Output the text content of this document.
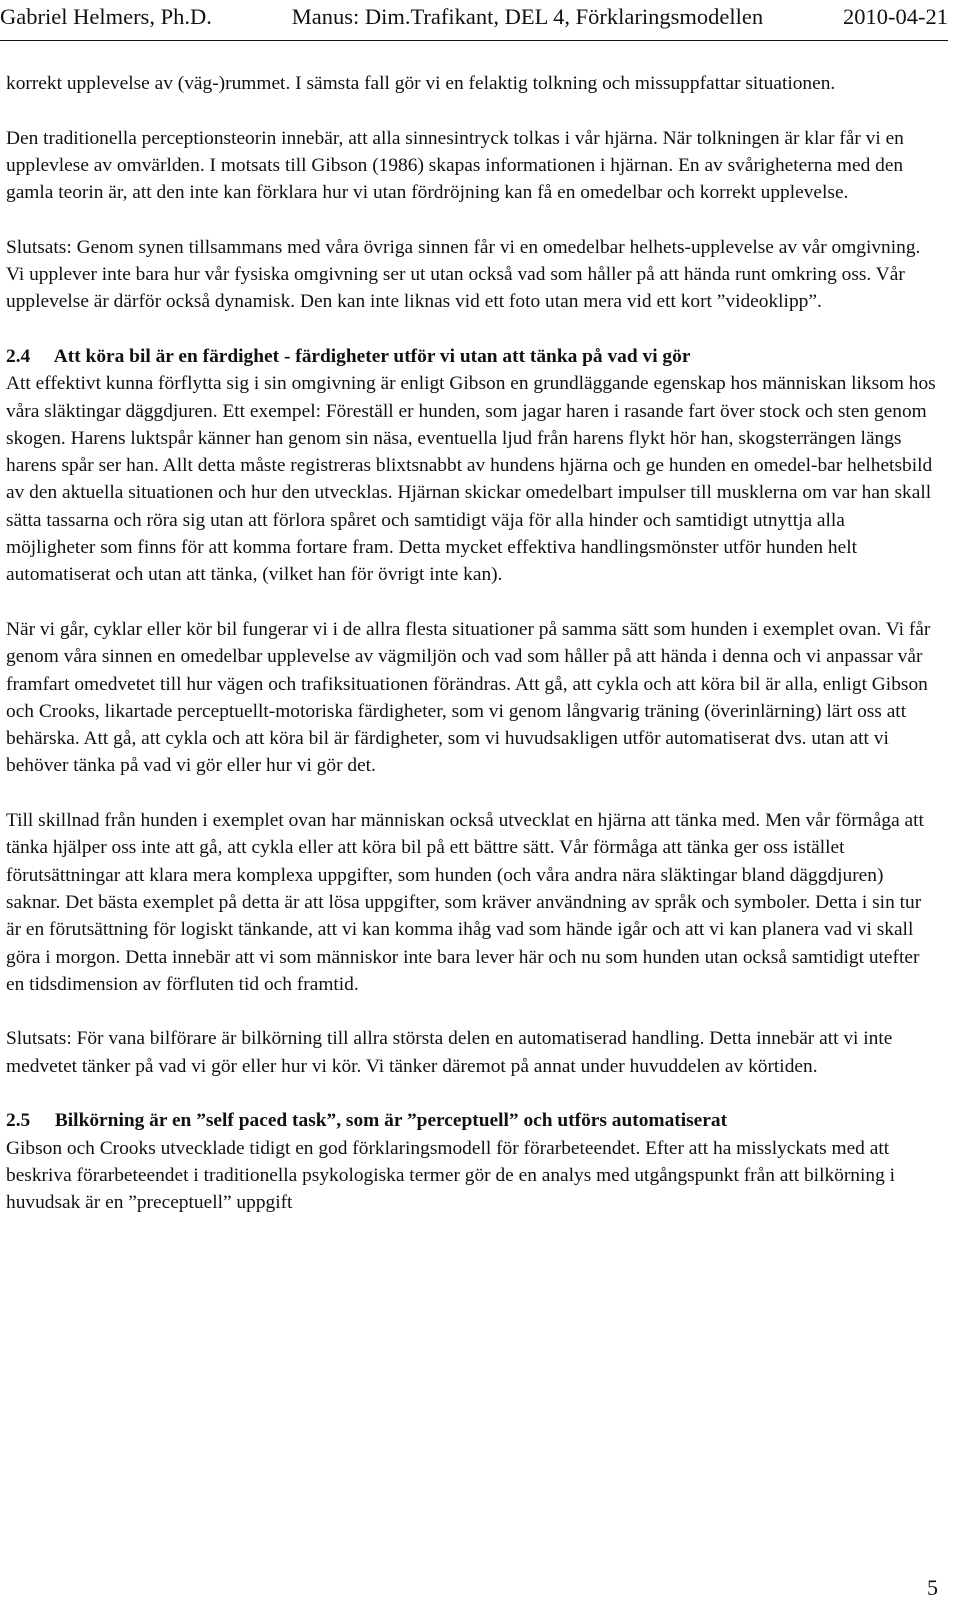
Gabriel Helmers, Ph.D.	Manus: Dim.Trafikant, DEL 4, Förklaringsmodellen	2010-04-21

korrekt upplevelse av (väg-)rummet. I sämsta fall gör vi en felaktig tolkning och missuppfattar situationen.

Den traditionella perceptionsteorin innebär, att alla sinnesintryck tolkas i vår hjärna. När tolkningen är klar får vi en upplevlese av omvärlden. I motsats till Gibson (1986) skapas informationen i hjärnan. En av svårigheterna med den gamla teorin är, att den inte kan förklara hur vi utan fördröjning kan få en omedelbar och korrekt upplevelse.

Slutsats: Genom synen tillsammans med våra övriga sinnen får vi en omedelbar helhets-upplevelse av vår omgivning. Vi upplever inte bara hur vår fysiska omgivning ser ut utan också vad som håller på att hända runt omkring oss. Vår upplevelse är därför också dynamisk. Den kan inte liknas vid ett foto utan mera vid ett kort ”videoklipp”.

2.4 Att köra bil är en färdighet - färdigheter utför vi utan att tänka på vad vi gör

Att effektivt kunna förflytta sig i sin omgivning är enligt Gibson en grundläggande egenskap hos människan liksom hos våra släktingar däggdjuren. Ett exempel: Föreställ er hunden, som jagar haren i rasande fart över stock och sten genom skogen. Harens luktspår känner han genom sin näsa, eventuella ljud från harens flykt hör han, skogsterrängen längs harens spår ser han. Allt detta måste registreras blixtsnabbt av hundens hjärna och ge hunden en omedel-bar helhetsbild av den aktuella situationen och hur den utvecklas. Hjärnan skickar omedelbart impulser till musklerna om var han skall sätta tassarna och röra sig utan att förlora spåret och samtidigt väja för alla hinder och samtidigt utnyttja alla möjligheter som finns för att komma fortare fram. Detta mycket effektiva handlingsmönster utför hunden helt automatiserat och utan att tänka, (vilket han för övrigt inte kan).

När vi går, cyklar eller kör bil fungerar vi i de allra flesta situationer på samma sätt som hunden i exemplet ovan. Vi får genom våra sinnen en omedelbar upplevelse av vägmiljön och vad som håller på att hända i denna och vi anpassar vår framfart omedvetet till hur vägen och trafiksituationen förändras. Att gå, att cykla och att köra bil är alla, enligt Gibson och Crooks, likartade perceptuellt-motoriska färdigheter, som vi genom långvarig träning (överinlärning) lärt oss att behärska. Att gå, att cykla och att köra bil är färdigheter, som vi huvudsakligen utför automatiserat dvs. utan att vi behöver tänka på vad vi gör eller hur vi gör det.

Till skillnad från hunden i exemplet ovan har människan också utvecklat en hjärna att tänka med. Men vår förmåga att tänka hjälper oss inte att gå, att cykla eller att köra bil på ett bättre sätt. Vår förmåga att tänka ger oss istället förutsättningar att klara mera komplexa uppgifter, som hunden (och våra andra nära släktingar bland däggdjuren) saknar. Det bästa exemplet på detta är att lösa uppgifter, som kräver användning av språk och symboler. Detta i sin tur är en förutsättning för logiskt tänkande, att vi kan komma ihåg vad som hände igår och att vi kan planera vad vi skall göra i morgon. Detta innebär att vi som människor inte bara lever här och nu som hunden utan också samtidigt utefter en tidsdimension av förfluten tid och framtid.

Slutsats: För vana bilförare är bilkörning till allra största delen en automatiserad handling. Detta innebär att vi inte medvetet tänker på vad vi gör eller hur vi kör. Vi tänker däremot på annat under huvuddelen av körtiden.

2.5 Bilkörning är en ”self paced task”, som är ”perceptuell” och utförs automatiserat

Gibson och Crooks utvecklade tidigt en god förklaringsmodell för förarbeteendet. Efter att ha misslyckats med att beskriva förarbeteendet i traditionella psykologiska termer gör de en analys med utgångspunkt från att bilkörning i huvudsak är en ”preceptuell” uppgift

5
